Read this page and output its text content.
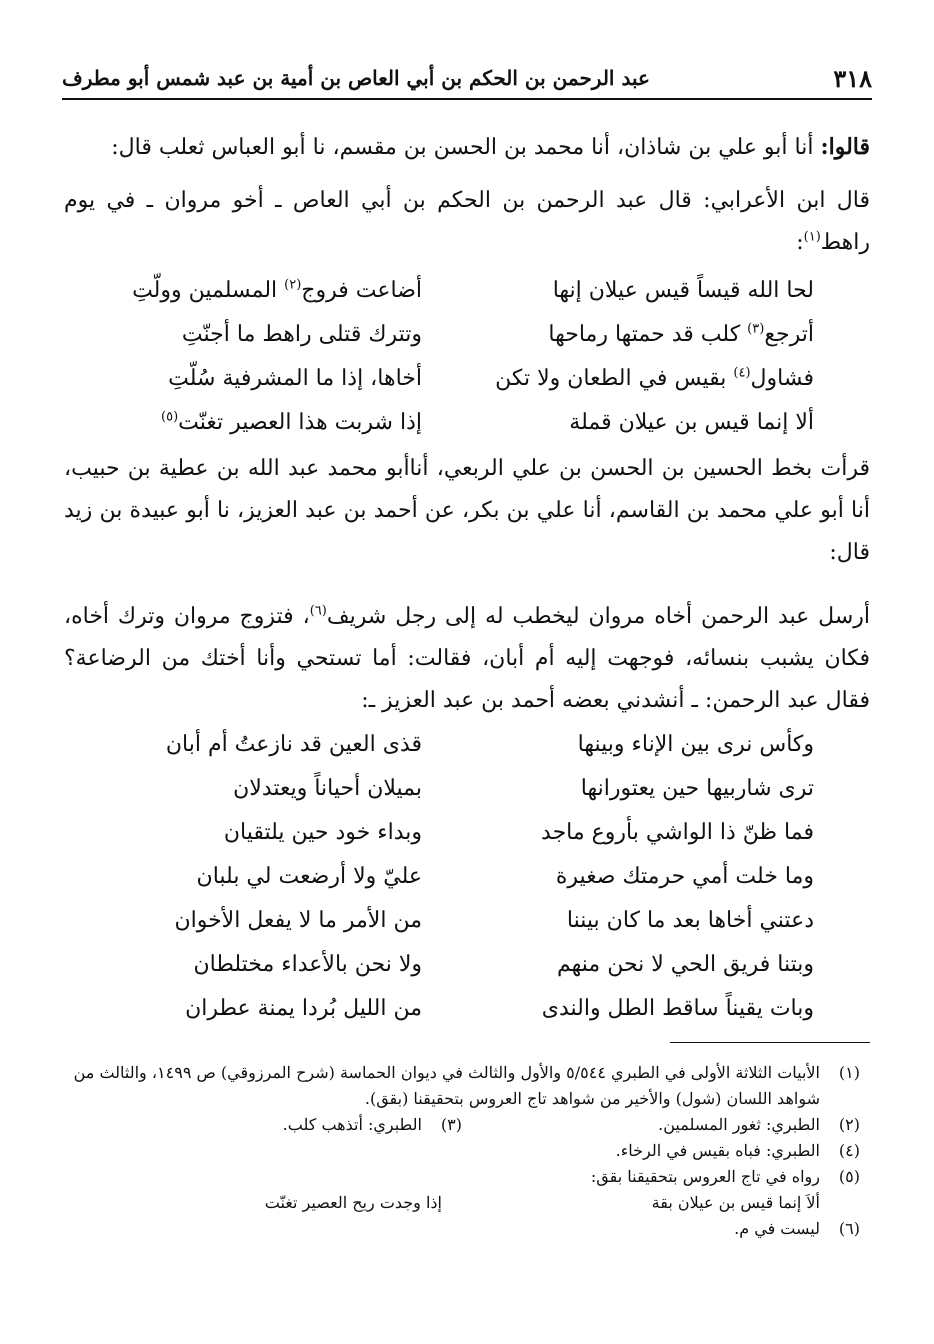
٣١٨
عبد الرحمن بن الحكم بن أبي العاص بن أمية بن عبد شمس أبو مطرف
قالوا: أنا أبو علي بن شاذان، أنا محمد بن الحسن بن مقسم، نا أبو العباس ثعلب قال:
قال ابن الأعرابي: قال عبد الرحمن بن الحكم بن أبي العاص ـ أخو مروان ـ في يوم راهط$^{(١)}$:
لحا الله قيساً قيس عيلان إنها
أضاعت فروج$^{(٢)}$ المسلمين وولّتِ
أترجع$^{(٣)}$ كلب قد حمتها رماحها
وتترك قتلى راهط ما أجنّتِ
فشاول$^{(٤)}$ بقيس في الطعان ولا تكن
أخاها، إذا ما المشرفية سُلّتِ
ألا إنما قيس بن عيلان قملة
إذا شربت هذا العصير تغنّت$^{(٥)}$
قرأت بخط الحسين بن الحسن بن علي الربعي، أناأبو محمد عبد الله بن عطية بن حبيب، أنا أبو علي محمد بن القاسم، أنا علي بن بكر، عن أحمد بن عبد العزيز، نا أبو عبيدة بن زيد قال:
أرسل عبد الرحمن أخاه مروان ليخطب له إلى رجل شريف$^{(٦)}$، فتزوج مروان وترك أخاه، فكان يشبب بنسائه، فوجهت إليه أم أبان، فقالت: أما تستحي وأنا أختك من الرضاعة؟ فقال عبد الرحمن: ـ أنشدني بعضه أحمد بن عبد العزيز ـ:
وكأس نرى بين الإناء وبينها
قذى العين قد نازعتُ أم أبان
ترى شاربيها حين يعتورانها
بميلان أحياناً ويعتدلان
فما ظنّ ذا الواشي بأروع ماجد
وبداء خود حين يلتقيان
وما خلت أمي حرمتك صغيرة
عليّ ولا أرضعت لي بلبان
دعتني أخاها بعد ما كان بيننا
من الأمر ما لا يفعل الأخوان
وبتنا فريق الحي لا نحن منهم
ولا نحن بالأعداء مختلطان
وبات يقيناً ساقط الطل والندى
من الليل بُردا يمنة عطران
(١)
الأبيات الثلاثة الأولى في الطبري ٥/٥٤٤ والأول والثالث في ديوان الحماسة (شرح المرزوقي) ص ١٤٩٩، والثالث من شواهد اللسان (شول) والأخير من شواهد تاج العروس بتحقيقنا (بقق).
(٢)
الطبري: ثغور المسلمين.
(٣)
الطبري: أتذهب كلب.
(٤)
الطبري: فباه بقيس في الرخاء.
(٥)
رواه في تاج العروس بتحقيقنا بقق:
ألاَ إنما قيس بن عيلان بقة
إذا وجدت ريح العصير تغنّت
(٦)
ليست في م.
